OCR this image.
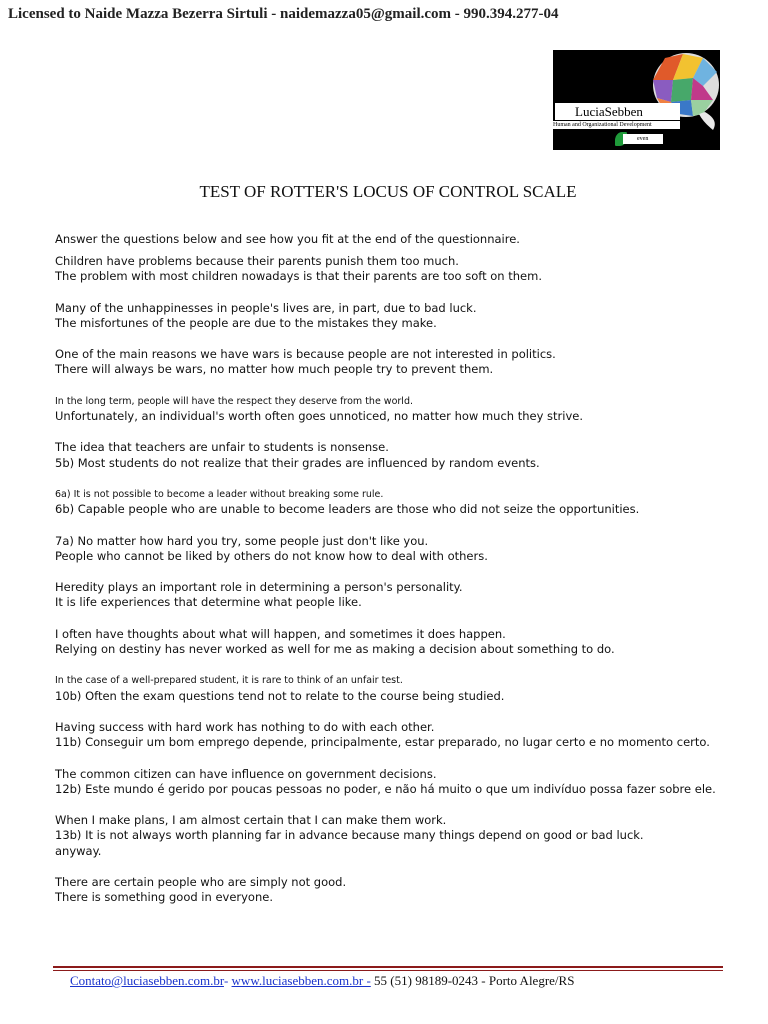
Licensed to Naide Mazza Bezerra Sirtuli - naidemazza05@gmail.com - 990.394.277-04
LuciaSebben
Human and Organizational Development
even though
TEST OF ROTTER'S LOCUS OF CONTROL SCALE
Answer the questions below and see how you fit at the end of the questionnaire.
Children have problems because their parents punish them too much.
The problem with most children nowadays is that their parents are too soft on them.
Many of the unhappinesses in people's lives are, in part, due to bad luck.
The misfortunes of the people are due to the mistakes they make.
One of the main reasons we have wars is because people are not interested in politics.
There will always be wars, no matter how much people try to prevent them.
In the long term, people will have the respect they deserve from the world.
Unfortunately, an individual's worth often goes unnoticed, no matter how much they strive.
The idea that teachers are unfair to students is nonsense.
5b) Most students do not realize that their grades are influenced by random events.
6a) It is not possible to become a leader without breaking some rule.
6b) Capable people who are unable to become leaders are those who did not seize the opportunities.
7a) No matter how hard you try, some people just don't like you.
People who cannot be liked by others do not know how to deal with others.
Heredity plays an important role in determining a person's personality.
It is life experiences that determine what people like.
I often have thoughts about what will happen, and sometimes it does happen.
Relying on destiny has never worked as well for me as making a decision about something to do.
In the case of a well-prepared student, it is rare to think of an unfair test.
10b) Often the exam questions tend not to relate to the course being studied.
Having success with hard work has nothing to do with each other.
11b) Conseguir um bom emprego depende, principalmente, estar preparado, no lugar certo e no momento certo.
The common citizen can have influence on government decisions.
12b) Este mundo é gerido por poucas pessoas no poder, e não há muito o que um indivíduo possa fazer sobre ele.
When I make plans, I am almost certain that I can make them work.
13b) It is not always worth planning far in advance because many things depend on good or bad luck.
anyway.
There are certain people who are simply not good.
There is something good in everyone.
Contato@luciasebben.com.br- www.luciasebben.com.br - 55 (51) 98189-0243 - Porto Alegre/RS
